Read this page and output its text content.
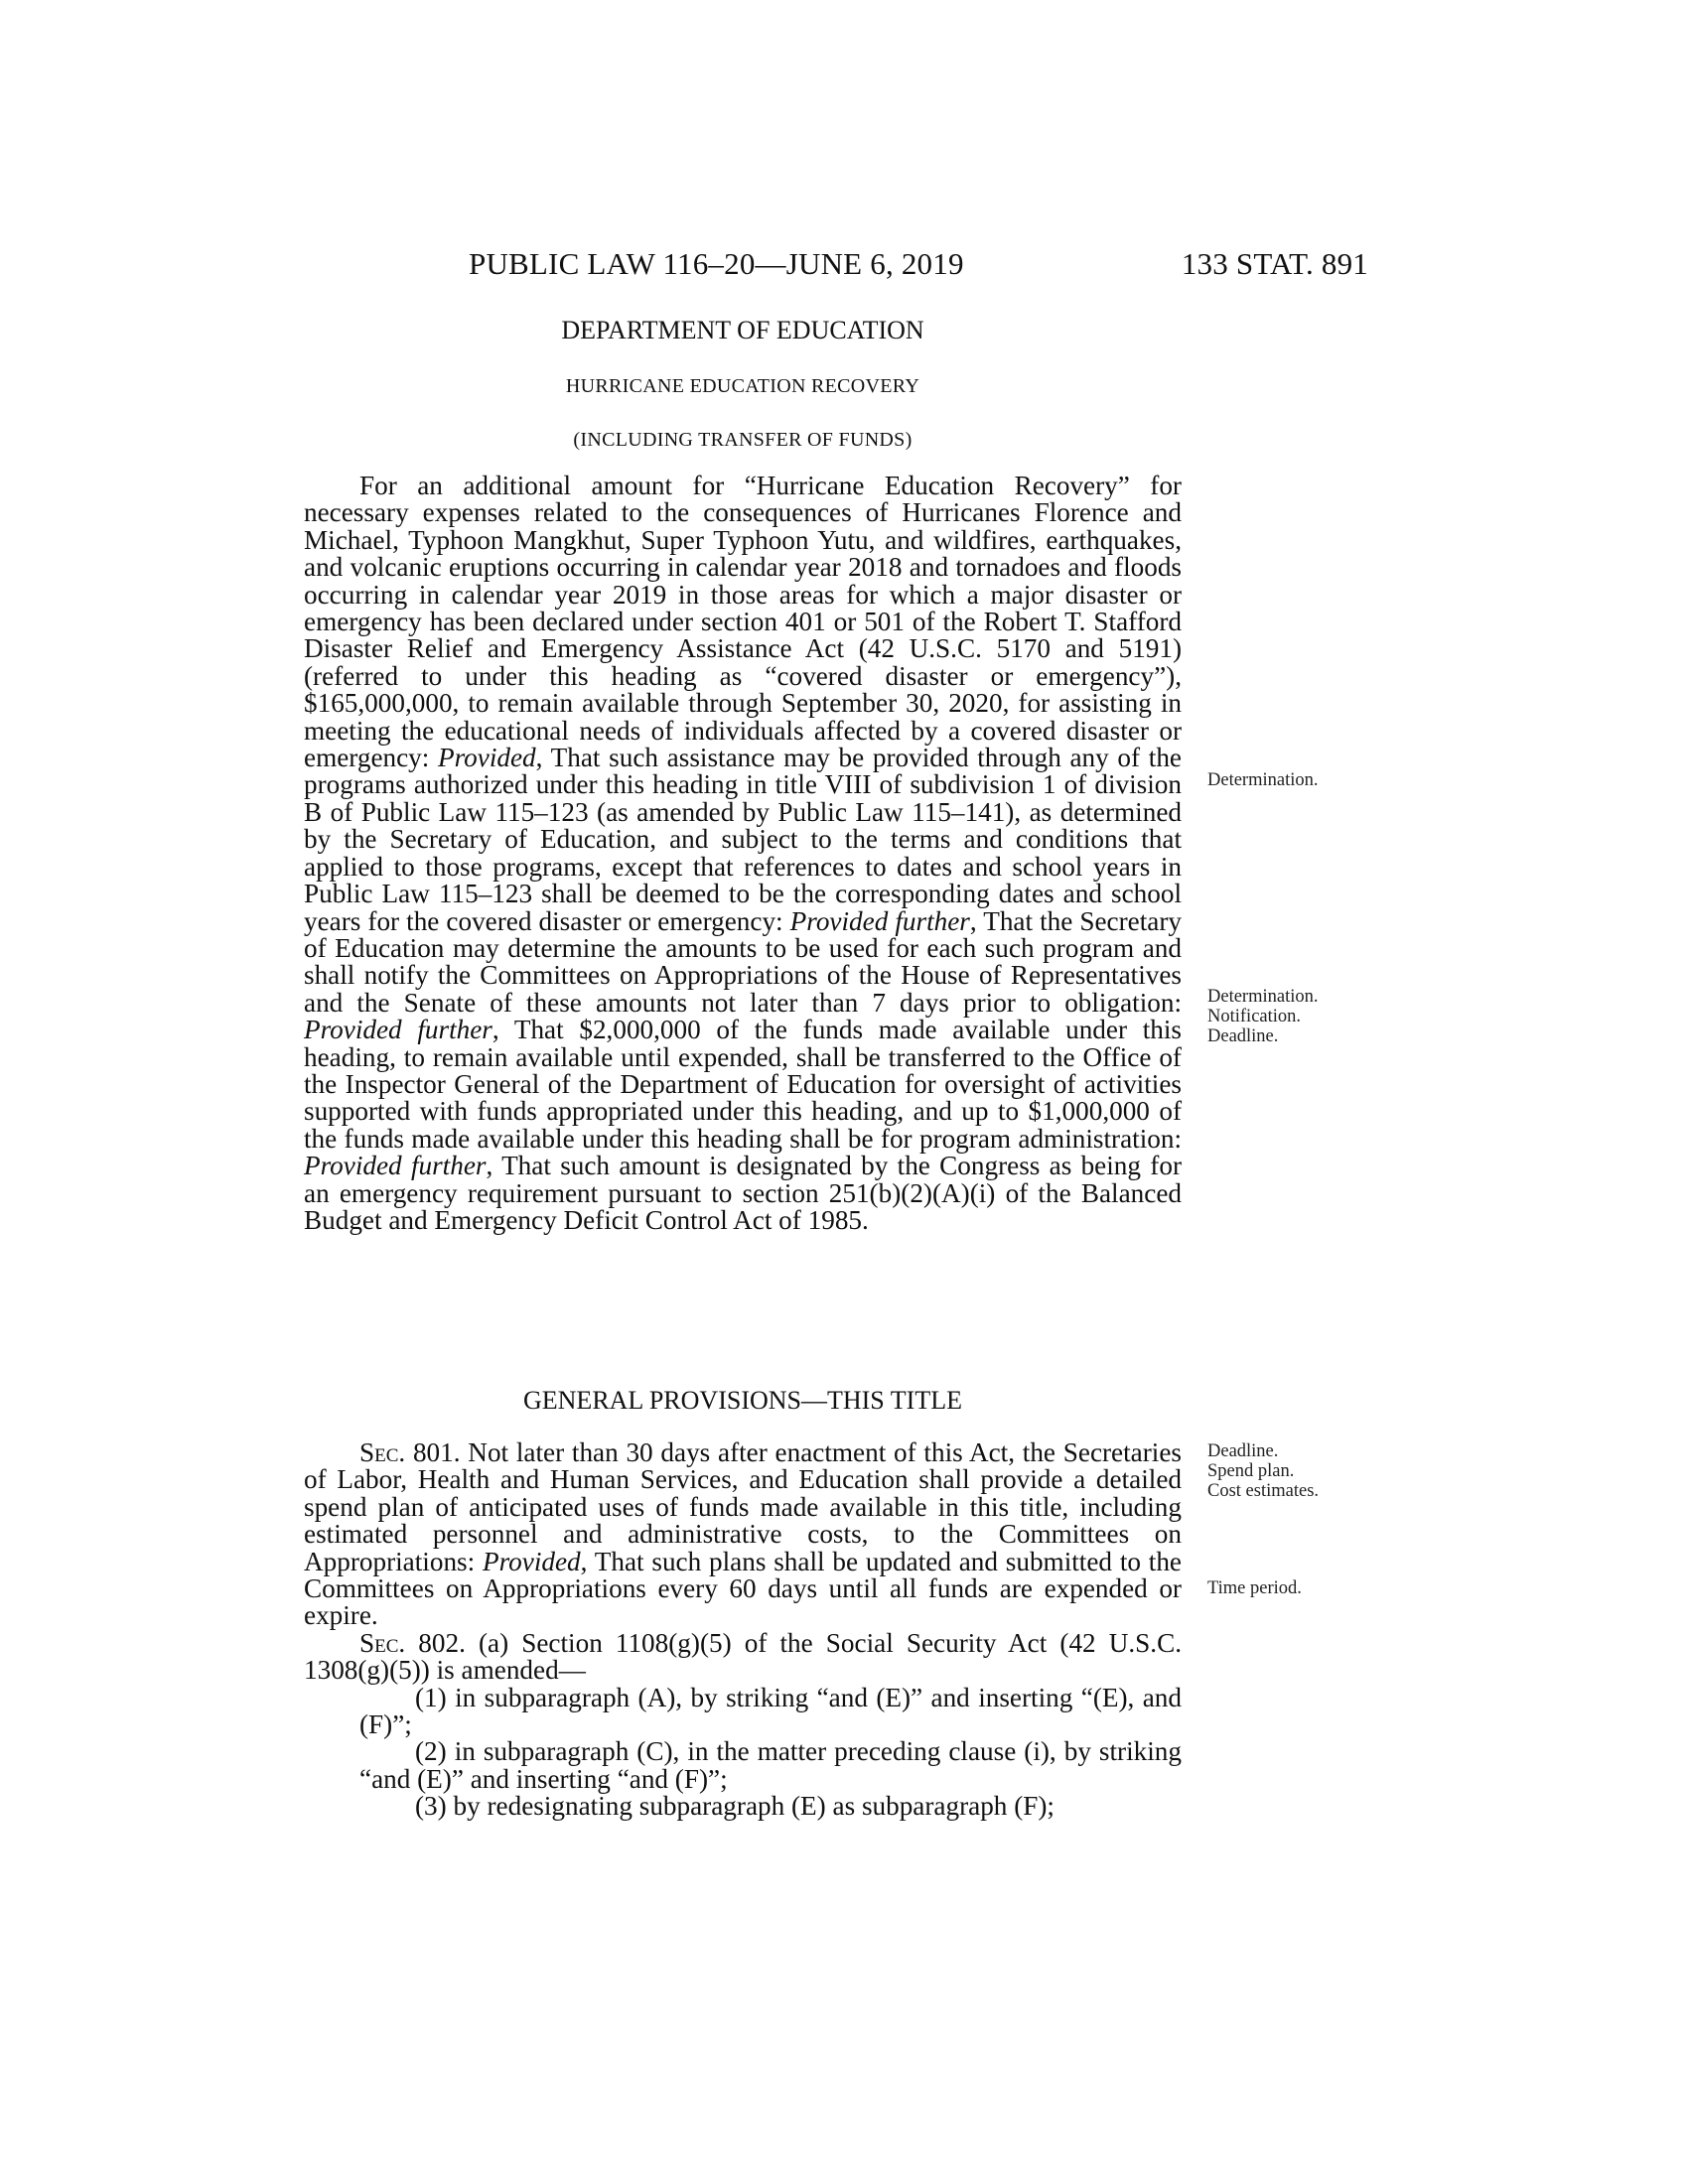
PUBLIC LAW 116–20—JUNE 6, 2019	133 STAT. 891
DEPARTMENT OF EDUCATION
HURRICANE EDUCATION RECOVERY
(INCLUDING TRANSFER OF FUNDS)

For an additional amount for “Hurricane Education Recovery” for necessary expenses related to the consequences of Hurricanes Florence and Michael, Typhoon Mangkhut, Super Typhoon Yutu, and wildfires, earthquakes, and volcanic eruptions occurring in calendar year 2018 and tornadoes and floods occurring in calendar year 2019 in those areas for which a major disaster or emergency has been declared under section 401 or 501 of the Robert T. Stafford Disaster Relief and Emergency Assistance Act (42 U.S.C. 5170 and 5191) (referred to under this heading as “covered disaster or emergency”), $165,000,000, to remain available through September 30, 2020, for assisting in meeting the educational needs of individuals affected by a covered disaster or emergency: Provided, That such assistance may be provided through any of the programs authorized under this heading in title VIII of subdivision 1 of division B of Public Law 115–123 (as amended by Public Law 115–141), as determined by the Secretary of Education, and subject to the terms and conditions that applied to those programs, except that references to dates and school years in Public Law 115–123 shall be deemed to be the corresponding dates and school years for the covered disaster or emergency: Provided further, That the Secretary of Education may determine the amounts to be used for each such program and shall notify the Committees on Appropriations of the House of Representatives and the Senate of these amounts not later than 7 days prior to obligation: Provided further, That $2,000,000 of the funds made available under this heading, to remain available until expended, shall be transferred to the Office of the Inspector General of the Department of Education for oversight of activities supported with funds appropriated under this heading, and up to $1,000,000 of the funds made available under this heading shall be for program administration: Provided further, That such amount is designated by the Congress as being for an emergency requirement pursuant to section 251(b)(2)(A)(i) of the Balanced Budget and Emergency Deficit Control Act of 1985.

GENERAL PROVISIONS—THIS TITLE

Sec. 801. Not later than 30 days after enactment of this Act, the Secretaries of Labor, Health and Human Services, and Education shall provide a detailed spend plan of anticipated uses of funds made available in this title, including estimated personnel and administrative costs, to the Committees on Appropriations: Provided, That such plans shall be updated and submitted to the Committees on Appropriations every 60 days until all funds are expended or expire.

Sec. 802. (a) Section 1108(g)(5) of the Social Security Act (42 U.S.C. 1308(g)(5)) is amended—

(1) in subparagraph (A), by striking “and (E)” and inserting “(E), and (F)”;

(2) in subparagraph (C), in the matter preceding clause (i), by striking “and (E)” and inserting “and (F)”;

(3) by redesignating subparagraph (E) as subparagraph (F);

Determination.
Determination.
Notification.
Deadline.
Deadline.
Spend plan.
Cost estimates.
Time period.
